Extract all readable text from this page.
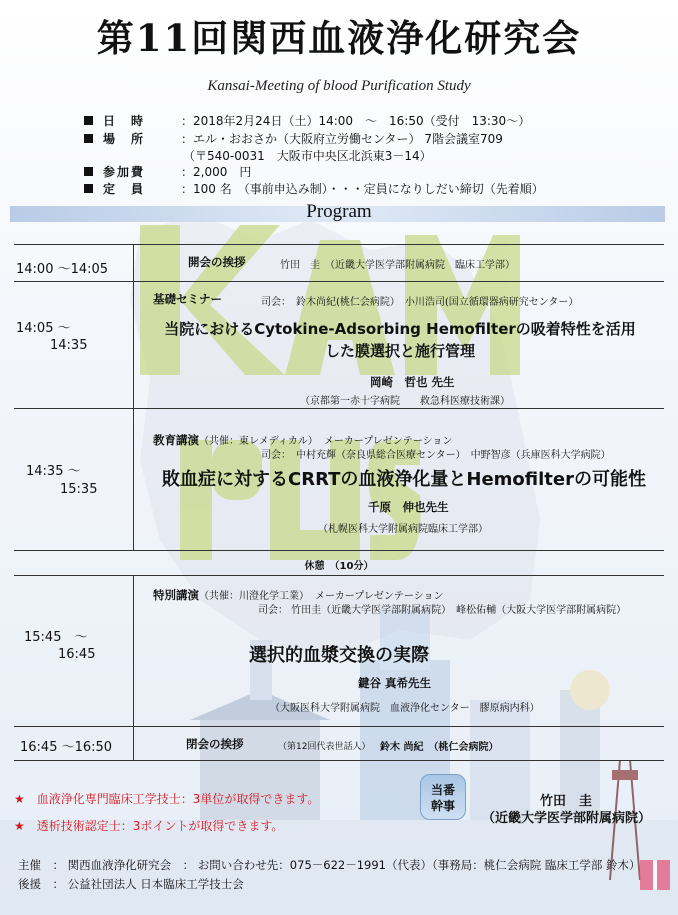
第11回関西血液浄化研究会
Kansai-Meeting of blood Purification Study
日　時	：2018年2月24日（土）14:00　～　16:50（受付　13:30～）
場　所	：エル・おおさか（大阪府立労働センター） 7階会議室709
（〒540-0031　大阪市中央区北浜東3－14）
参加費	：2,000　円
定　員	：100 名　（事前申込み制）・・・定員になりしだい締切（先着順）
Program
14:00 ～14:05	開会の挨拶	竹田　圭　（近畿大学医学部附属病院　臨床工学部）
14:05 ～
14:35
基礎セミナー	司会：　鈴木尚紀(桃仁会病院）　小川浩司(国立循環器病研究センター）
当院におけるCytokine-Adsorbing Hemofilterの吸着特性を活用
した膜選択と施行管理
岡崎　哲也 先生
（京都第一赤十字病院　　救急科医療技術課）
14:35 ～
15:35
教育講演（共催：東レメディカル） メーカープレゼンテーション
司会：　中村充輝（奈良県総合医療センター）　中野智彦（兵庫医科大学病院）
敗血症に対するCRRTの血液浄化量とHemofilterの可能性
千原　伸也先生
（札幌医科大学附属病院臨床工学部）
休憩　（10分）
15:45　～
16:45
特別講演（共催：川澄化学工業） メーカープレゼンテーション
司会： 竹田圭（近畿大学医学部附属病院）　峰松佑輔（大阪大学医学部附属病院）
選択的血漿交換の実際
鍵谷 真希先生
（大阪医科大学附属病院　血液浄化センター　膠原病内科）
16:45 ～16:50	閉会の挨拶	（第12回代表世話人） 鈴木 尚紀　（桃仁会病院）
★　血液浄化専門臨床工学技士：3単位が取得できます。
★　透析技術認定士：3ポイントが取得できます。
当番
幹事	竹田　圭
（近畿大学医学部附属病院）
主催　： 関西血液浄化研究会　： お問い合わせ先：075－622－1991（代表）（事務局：桃仁会病院 臨床工学部 鈴木）
後援　： 公益社団法人 日本臨床工学技士会
